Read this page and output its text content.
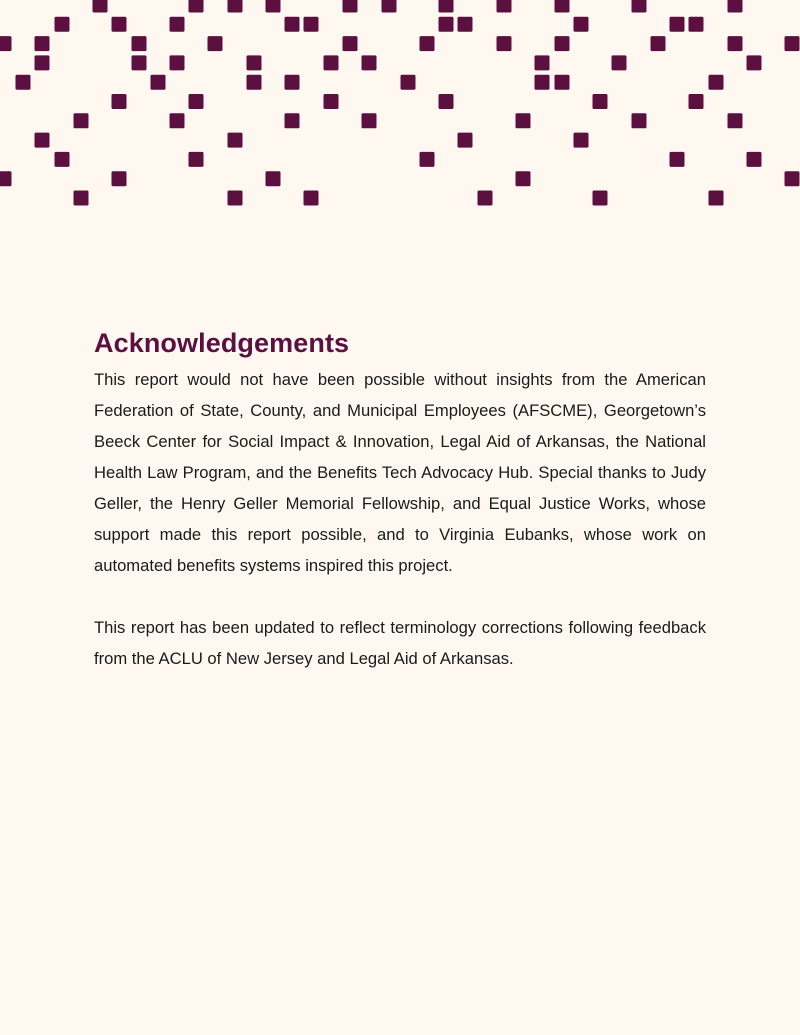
Acknowledgements

This report would not have been possible without insights from the American Federation of State, County, and Municipal Employees (AFSCME), Georgetown’s Beeck Center for Social Impact & Innovation, Legal Aid of Arkansas, the National Health Law Program, and the Benefits Tech Advocacy Hub. Special thanks to Judy Geller, the Henry Geller Memorial Fellowship, and Equal Justice Works, whose support made this report possible, and to Virginia Eubanks, whose work on automated benefits systems inspired this project.

This report has been updated to reflect terminology corrections following feedback from the ACLU of New Jersey and Legal Aid of Arkansas.
